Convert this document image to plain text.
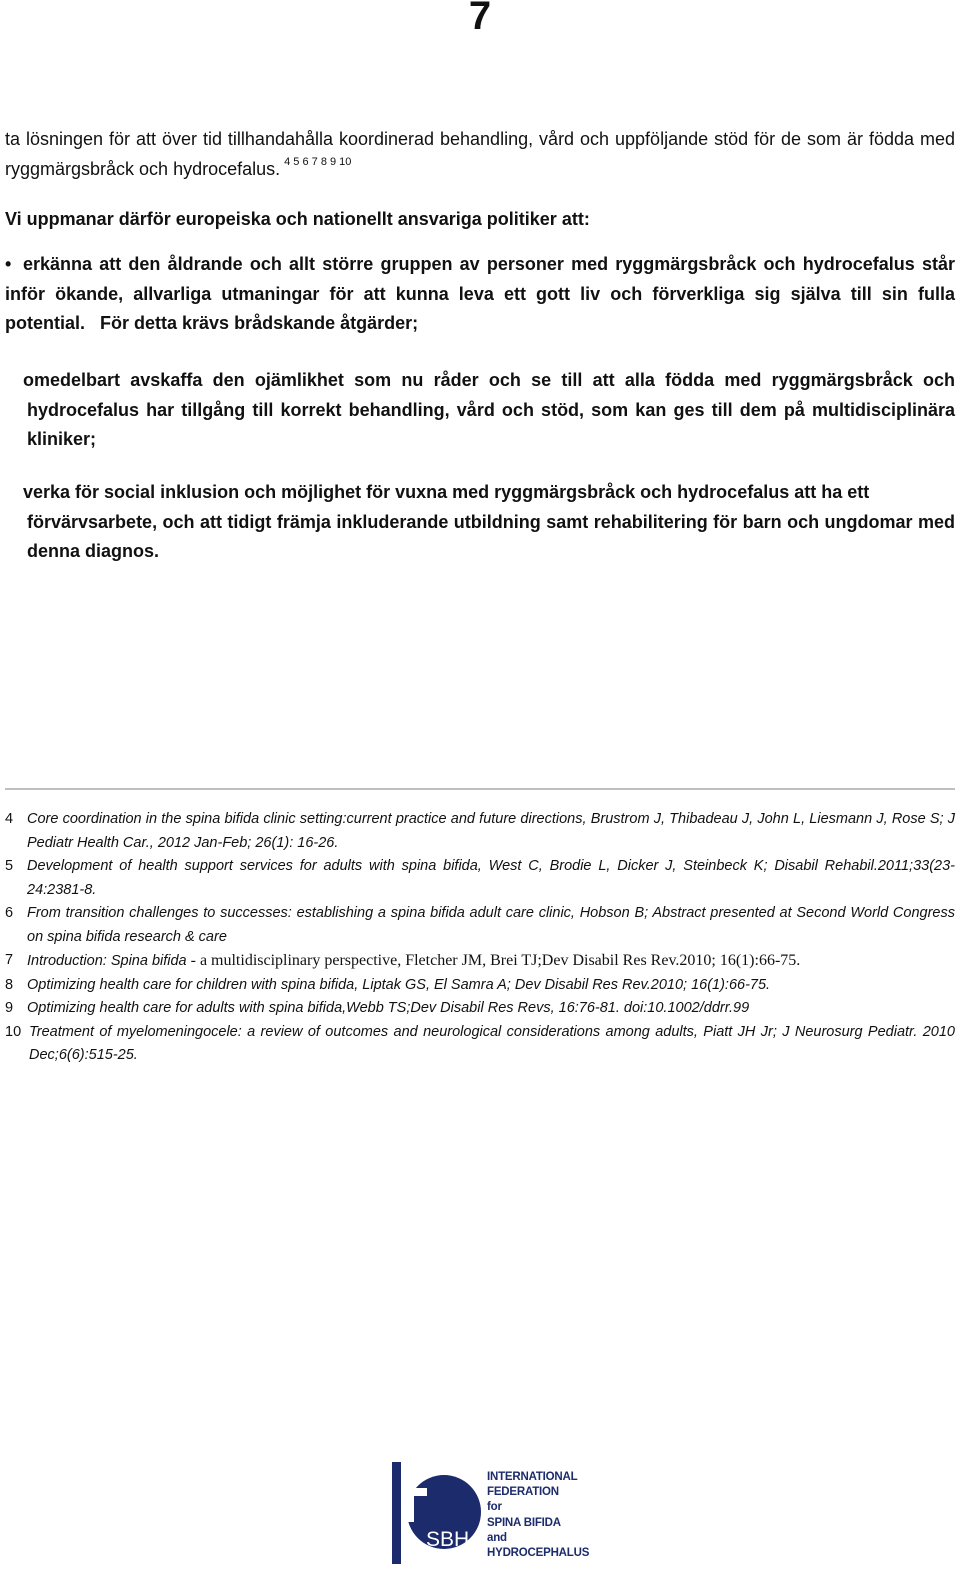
7

ta lösningen för att över tid tillhandahålla koordinerad behandling, vård och uppföljande stöd för de som är födda med ryggmärgsbråck och hydrocefalus. $^{4 5 6 7 8 9 10}$

Vi uppmanar därför europeiska och nationellt ansvariga politiker att:

• erkänna att den åldrande och allt större gruppen av personer med ryggmärgsbråck och hydrocefalus står inför ökande, allvarliga utmaningar för att kunna leva ett gott liv och förverkliga sig själva till sin fulla potential. För detta krävs brådskande åtgärder;

omedelbart avskaffa den ojämlikhet som nu råder och se till att alla födda med ryggmärgsbråck och hydrocefalus har tillgång till korrekt behandling, vård och stöd, som kan ges till dem på multidisciplinära kliniker;

verka för social inklusion och möjlighet för vuxna med ryggmärgsbråck och hydrocefalus att ha ett
förvärvsarbete, och att tidigt främja inkluderande utbildning samt rehabilitering för barn och ungdomar med denna diagnos.

4 Core coordination in the spina bifida clinic setting:current practice and future directions, Brustrom J, Thibadeau J, John L, Liesmann J, Rose S; J Pediatr Health Car., 2012 Jan-Feb; 26(1): 16-26.

5 Development of health support services for adults with spina bifida, West C, Brodie L, Dicker J, Steinbeck K; Disabil Rehabil.2011;33(23-24:2381-8.

6 From transition challenges to successes: establishing a spina bifida adult care clinic, Hobson B; Abstract presented at Second World Congress on spina bifida research & care

7 Introduction: Spina bifida - a multidisciplinary perspective, Fletcher JM, Brei TJ;Dev Disabil Res Rev.2010; 16(1):66-75.

8 Optimizing health care for children with spina bifida, Liptak GS, El Samra A; Dev Disabil Res Rev.2010; 16(1):66-75.

9 Optimizing health care for adults with spina bifida,Webb TS;Dev Disabil Res Revs, 16:76-81. doi:10.1002/ddrr.99

10 Treatment of myelomeningocele: a review of outcomes and neurological considerations among adults, Piatt JH Jr; J Neurosurg Pediatr. 2010 Dec;6(6):515-25.

SBH
INTERNATIONAL
FEDERATION
for
SPINA BIFIDA
and
HYDROCEPHALUS
